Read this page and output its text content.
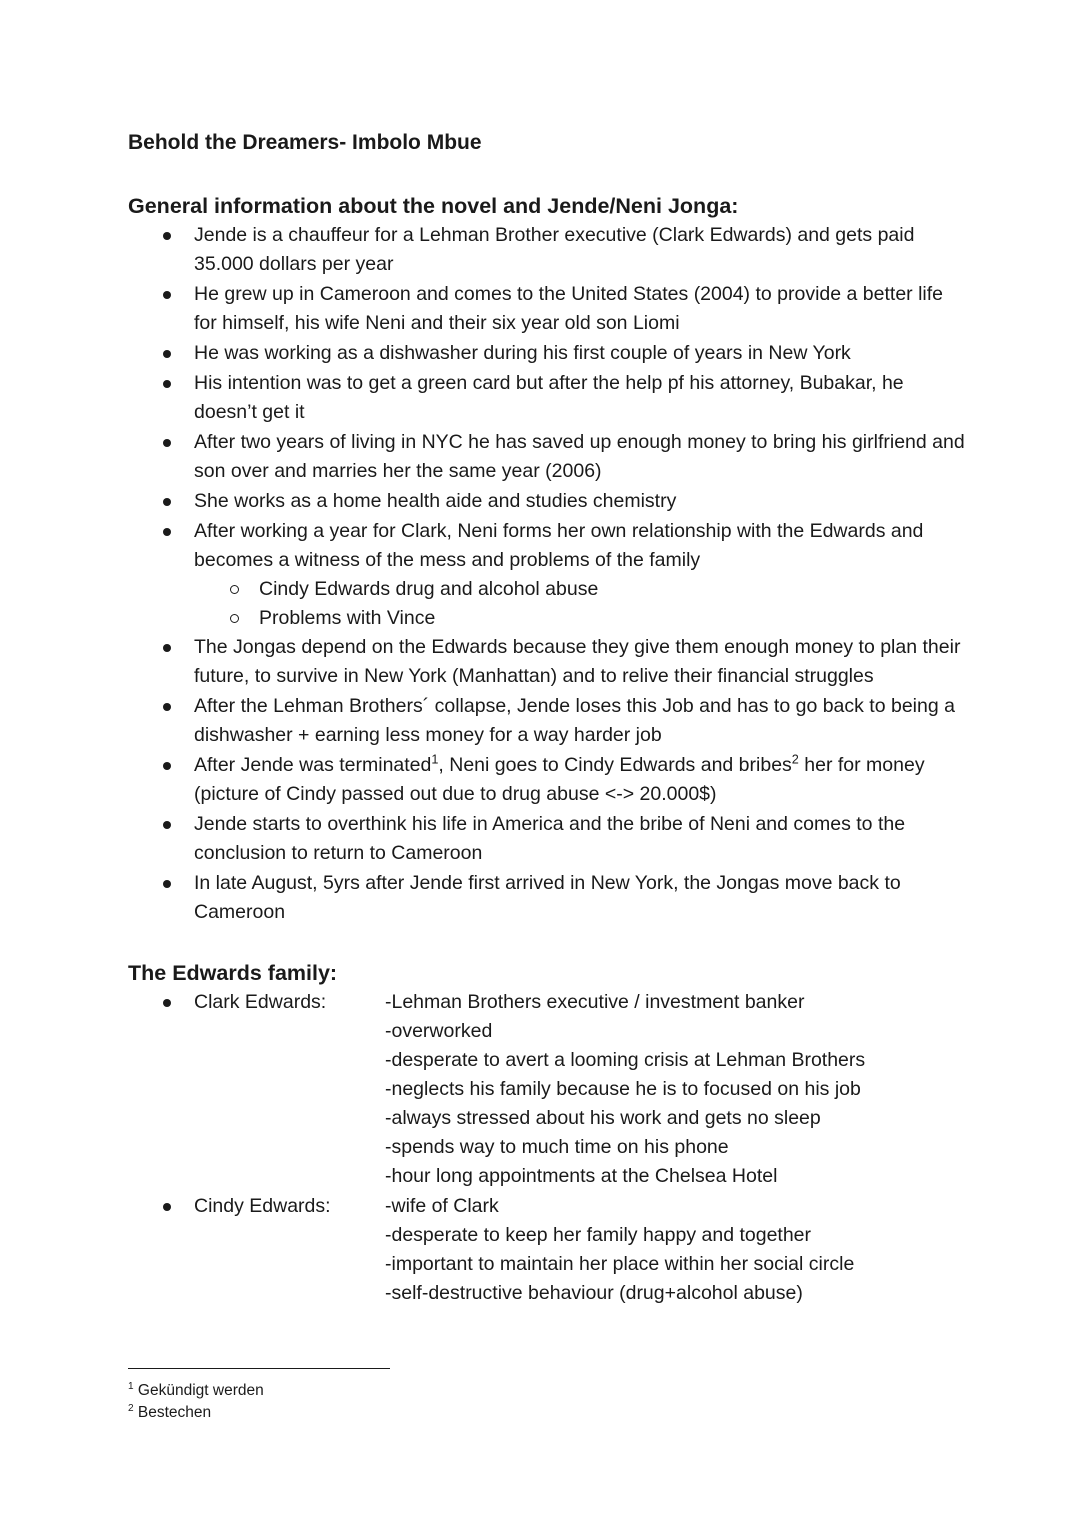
Behold the Dreamers- Imbolo Mbue
General information about the novel and Jende/Neni Jonga:
Jende is a chauffeur for a Lehman Brother executive (Clark Edwards) and gets paid 35.000 dollars per year
He grew up in Cameroon and comes to the United States (2004) to provide a better life for himself, his wife Neni and their six year old son Liomi
He was working as a dishwasher during his first couple of years in New York
His intention was to get a green card but after the help pf his attorney, Bubakar, he doesn’t get it
After two years of living in NYC he has saved up enough money to bring his girlfriend and son over and marries her the same year (2006)
She works as a home health aide and studies chemistry
After working a year for Clark, Neni forms her own relationship with the Edwards and becomes a witness of the mess and problems of the family
Cindy Edwards drug and alcohol abuse
Problems with Vince
The Jongas depend on the Edwards because they give them enough money to plan their future, to survive in New York (Manhattan) and to relive their financial struggles
After the Lehman Brothers´ collapse, Jende loses this Job and has to go back to being a dishwasher + earning less money for a way harder job
After Jende was terminated$^1$, Neni goes to Cindy Edwards and bribes$^2$ her for money (picture of Cindy passed out due to drug abuse <-> 20.000$)
Jende starts to overthink his life in America and the bribe of Neni and comes to the conclusion to return to Cameroon
In late August, 5yrs after Jende first arrived in New York, the Jongas move back to Cameroon
The Edwards family:
Clark Edwards:	-Lehman Brothers executive / investment banker
-overworked
-desperate to avert a looming crisis at Lehman Brothers
-neglects his family because he is to focused on his job
-always stressed about his work and gets no sleep
-spends way to much time on his phone
-hour long appointments at the Chelsea Hotel
Cindy Edwards:	-wife of Clark
-desperate to keep her family happy and together
-important to maintain her place within her social circle
-self-destructive behaviour (drug+alcohol abuse)
$^1$ Gekündigt werden
$^2$ Bestechen
